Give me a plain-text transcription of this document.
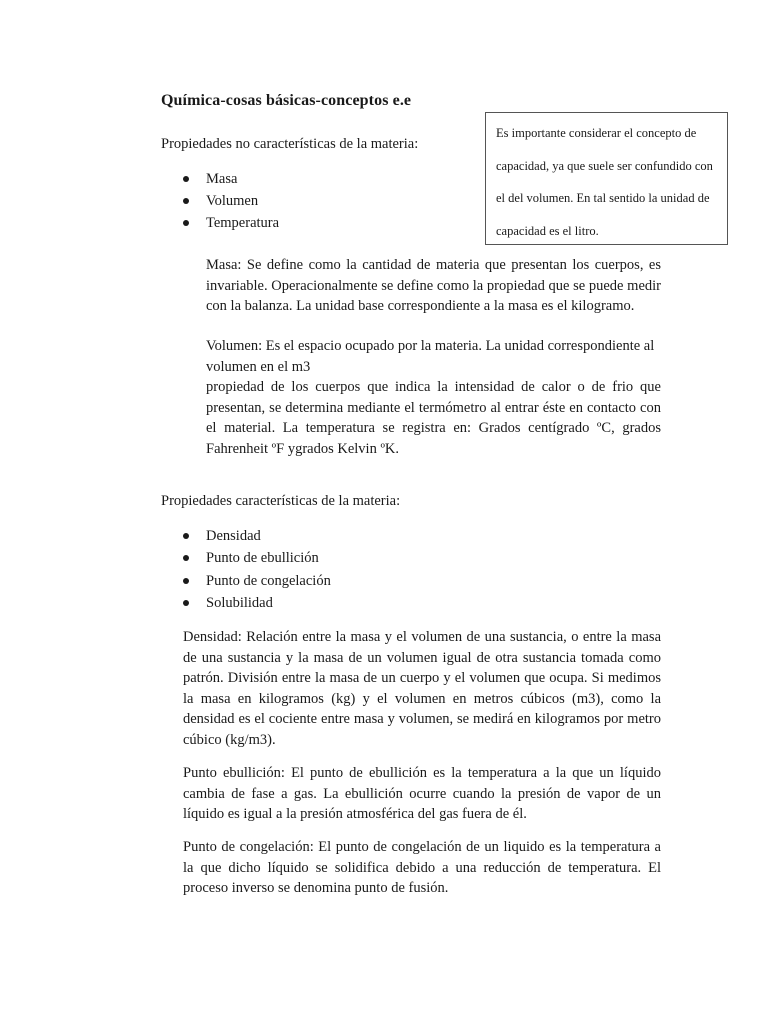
Química-cosas básicas-conceptos e.e

Es importante considerar el concepto de capacidad, ya que suele ser confundido con el del volumen. En tal sentido la unidad de capacidad es el litro.

Propiedades no características de la materia:

Masa
Volumen
Temperatura

Masa: Se define como la cantidad de materia que presentan los cuerpos, es invariable. Operacionalmente se define como la propiedad que se puede medir con la balanza. La unidad base correspondiente a la masa es el kilogramo.

Volumen: Es el espacio ocupado por la materia. La unidad correspondiente al volumen en el m3

propiedad de los cuerpos que indica la intensidad de calor o de frio que presentan, se determina mediante el termómetro al entrar éste en contacto con el material. La temperatura se registra en: Grados centígrado ºC, grados Fahrenheit ºF ygrados Kelvin ºK.

Propiedades características de la materia:

Densidad
Punto de ebullición
Punto de congelación
Solubilidad

Densidad: Relación entre la masa y el volumen de una sustancia, o entre la masa de una sustancia y la masa de un volumen igual de otra sustancia tomada como patrón. División entre la masa de un cuerpo y el volumen que ocupa. Si medimos la masa en kilogramos (kg) y el volumen en metros cúbicos (m3), como la densidad es el cociente entre masa y volumen, se medirá en kilogramos por metro cúbico (kg/m3).

Punto ebullición: El punto de ebullición es la temperatura a la que un líquido cambia de fase a gas. La ebullición ocurre cuando la presión de vapor de un líquido es igual a la presión atmosférica del gas fuera de él.

Punto de congelación: El punto de congelación de un liquido es la temperatura a la que dicho líquido se solidifica debido a una reducción de temperatura. El proceso inverso se denomina punto de fusión.
